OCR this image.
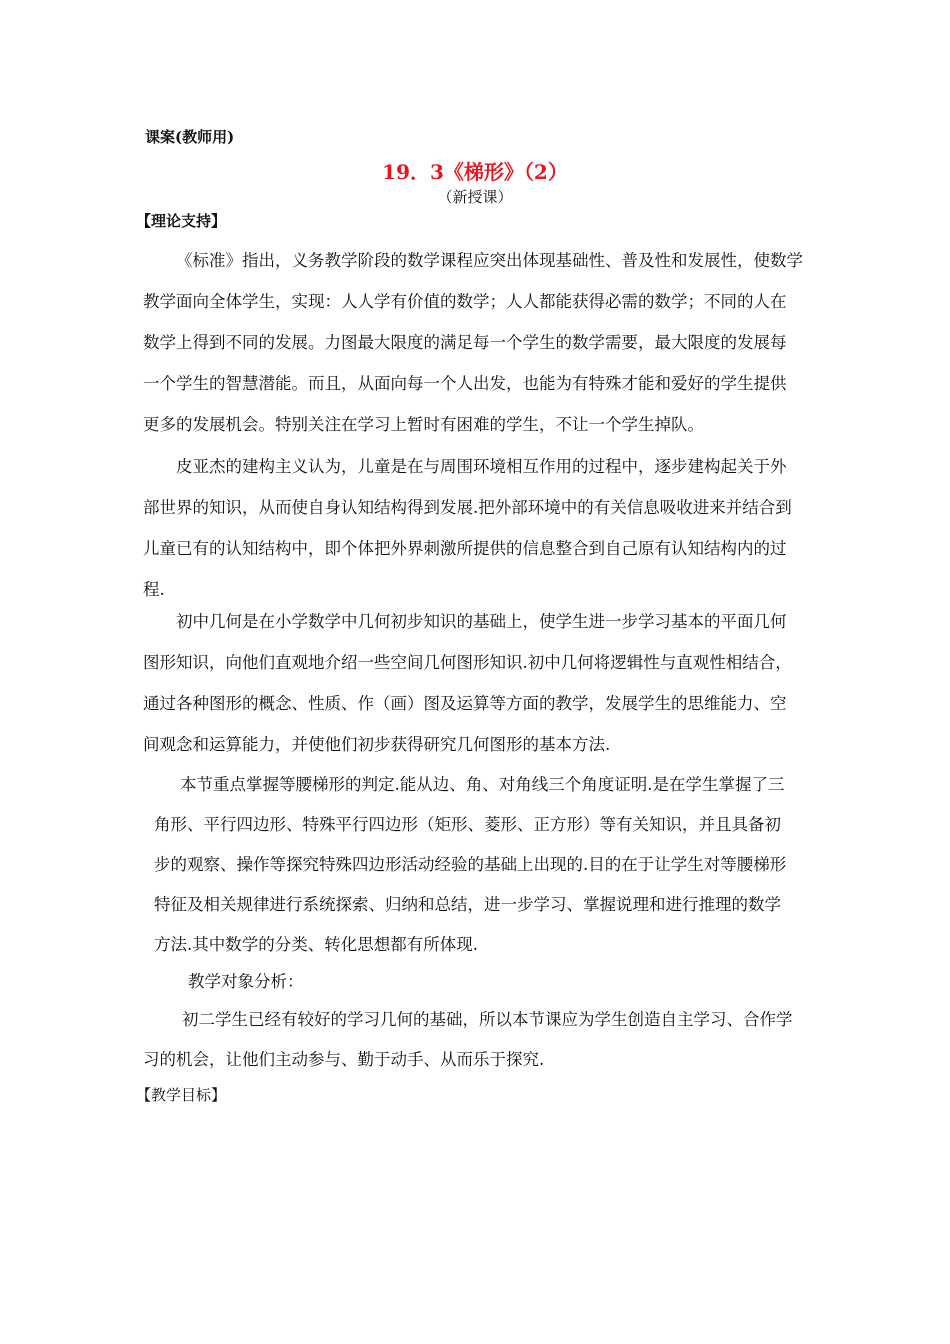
课案(教师用)
19．3《梯形》（2）
（新授课）
【理论支持】
《标准》指出，义务教学阶段的数学课程应突出体现基础性、普及性和发展性，使数学
教学面向全体学生，实现：人人学有价值的数学；人人都能获得必需的数学；不同的人在
数学上得到不同的发展。力图最大限度的满足每一个学生的数学需要，最大限度的发展每
一个学生的智慧潜能。而且，从面向每一个人出发，也能为有特殊才能和爱好的学生提供
更多的发展机会。特别关注在学习上暂时有困难的学生，不让一个学生掉队。
皮亚杰的建构主义认为，儿童是在与周围环境相互作用的过程中，逐步建构起关于外
部世界的知识，从而使自身认知结构得到发展.把外部环境中的有关信息吸收进来并结合到
儿童已有的认知结构中，即个体把外界刺激所提供的信息整合到自己原有认知结构内的过
程.
初中几何是在小学数学中几何初步知识的基础上，使学生进一步学习基本的平面几何
图形知识，向他们直观地介绍一些空间几何图形知识.初中几何将逻辑性与直观性相结合，
通过各种图形的概念、性质、作（画）图及运算等方面的教学，发展学生的思维能力、空
间观念和运算能力，并使他们初步获得研究几何图形的基本方法.
本节重点掌握等腰梯形的判定.能从边、角、对角线三个角度证明.是在学生掌握了三
角形、平行四边形、特殊平行四边形（矩形、菱形、正方形）等有关知识，并且具备初
步的观察、操作等探究特殊四边形活动经验的基础上出现的.目的在于让学生对等腰梯形
特征及相关规律进行系统探索、归纳和总结，进一步学习、掌握说理和进行推理的数学
方法.其中数学的分类、转化思想都有所体现.
教学对象分析：
初二学生已经有较好的学习几何的基础，所以本节课应为学生创造自主学习、合作学
习的机会，让他们主动参与、勤于动手、从而乐于探究.
【教学目标】
